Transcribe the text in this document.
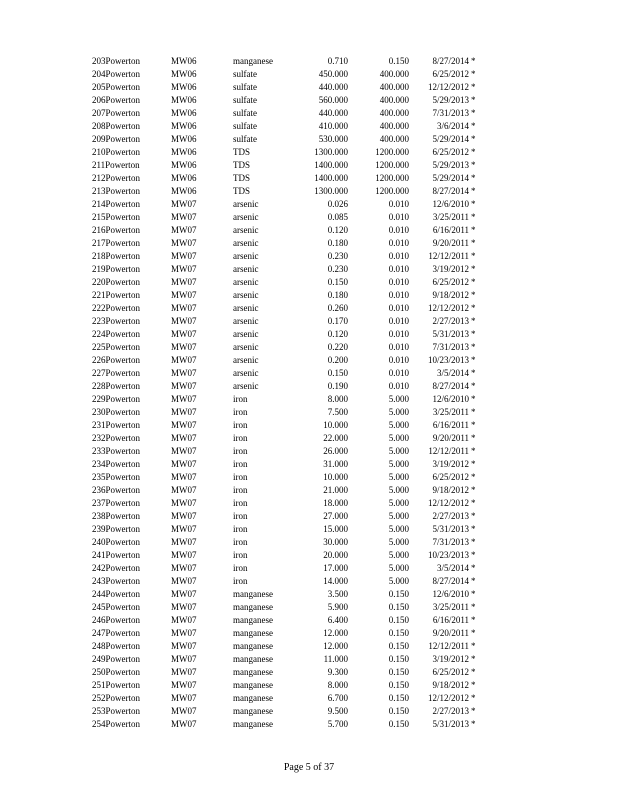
203Powerton	MW06	manganese	0.710	0.150	8/27/2014 *
204Powerton	MW06	sulfate	450.000	400.000	6/25/2012 *
205Powerton	MW06	sulfate	440.000	400.000	12/12/2012 *
206Powerton	MW06	sulfate	560.000	400.000	5/29/2013 *
207Powerton	MW06	sulfate	440.000	400.000	7/31/2013 *
208Powerton	MW06	sulfate	410.000	400.000	3/6/2014 *
209Powerton	MW06	sulfate	530.000	400.000	5/29/2014 *
210Powerton	MW06	TDS	1300.000	1200.000	6/25/2012 *
211Powerton	MW06	TDS	1400.000	1200.000	5/29/2013 *
212Powerton	MW06	TDS	1400.000	1200.000	5/29/2014 *
213Powerton	MW06	TDS	1300.000	1200.000	8/27/2014 *
214Powerton	MW07	arsenic	0.026	0.010	12/6/2010 *
215Powerton	MW07	arsenic	0.085	0.010	3/25/2011 *
216Powerton	MW07	arsenic	0.120	0.010	6/16/2011 *
217Powerton	MW07	arsenic	0.180	0.010	9/20/2011 *
218Powerton	MW07	arsenic	0.230	0.010	12/12/2011 *
219Powerton	MW07	arsenic	0.230	0.010	3/19/2012 *
220Powerton	MW07	arsenic	0.150	0.010	6/25/2012 *
221Powerton	MW07	arsenic	0.180	0.010	9/18/2012 *
222Powerton	MW07	arsenic	0.260	0.010	12/12/2012 *
223Powerton	MW07	arsenic	0.170	0.010	2/27/2013 *
224Powerton	MW07	arsenic	0.120	0.010	5/31/2013 *
225Powerton	MW07	arsenic	0.220	0.010	7/31/2013 *
226Powerton	MW07	arsenic	0.200	0.010	10/23/2013 *
227Powerton	MW07	arsenic	0.150	0.010	3/5/2014 *
228Powerton	MW07	arsenic	0.190	0.010	8/27/2014 *
229Powerton	MW07	iron	8.000	5.000	12/6/2010 *
230Powerton	MW07	iron	7.500	5.000	3/25/2011 *
231Powerton	MW07	iron	10.000	5.000	6/16/2011 *
232Powerton	MW07	iron	22.000	5.000	9/20/2011 *
233Powerton	MW07	iron	26.000	5.000	12/12/2011 *
234Powerton	MW07	iron	31.000	5.000	3/19/2012 *
235Powerton	MW07	iron	10.000	5.000	6/25/2012 *
236Powerton	MW07	iron	21.000	5.000	9/18/2012 *
237Powerton	MW07	iron	18.000	5.000	12/12/2012 *
238Powerton	MW07	iron	27.000	5.000	2/27/2013 *
239Powerton	MW07	iron	15.000	5.000	5/31/2013 *
240Powerton	MW07	iron	30.000	5.000	7/31/2013 *
241Powerton	MW07	iron	20.000	5.000	10/23/2013 *
242Powerton	MW07	iron	17.000	5.000	3/5/2014 *
243Powerton	MW07	iron	14.000	5.000	8/27/2014 *
244Powerton	MW07	manganese	3.500	0.150	12/6/2010 *
245Powerton	MW07	manganese	5.900	0.150	3/25/2011 *
246Powerton	MW07	manganese	6.400	0.150	6/16/2011 *
247Powerton	MW07	manganese	12.000	0.150	9/20/2011 *
248Powerton	MW07	manganese	12.000	0.150	12/12/2011 *
249Powerton	MW07	manganese	11.000	0.150	3/19/2012 *
250Powerton	MW07	manganese	9.300	0.150	6/25/2012 *
251Powerton	MW07	manganese	8.000	0.150	9/18/2012 *
252Powerton	MW07	manganese	6.700	0.150	12/12/2012 *
253Powerton	MW07	manganese	9.500	0.150	2/27/2013 *
254Powerton	MW07	manganese	5.700	0.150	5/31/2013 *
Page 5 of 37
